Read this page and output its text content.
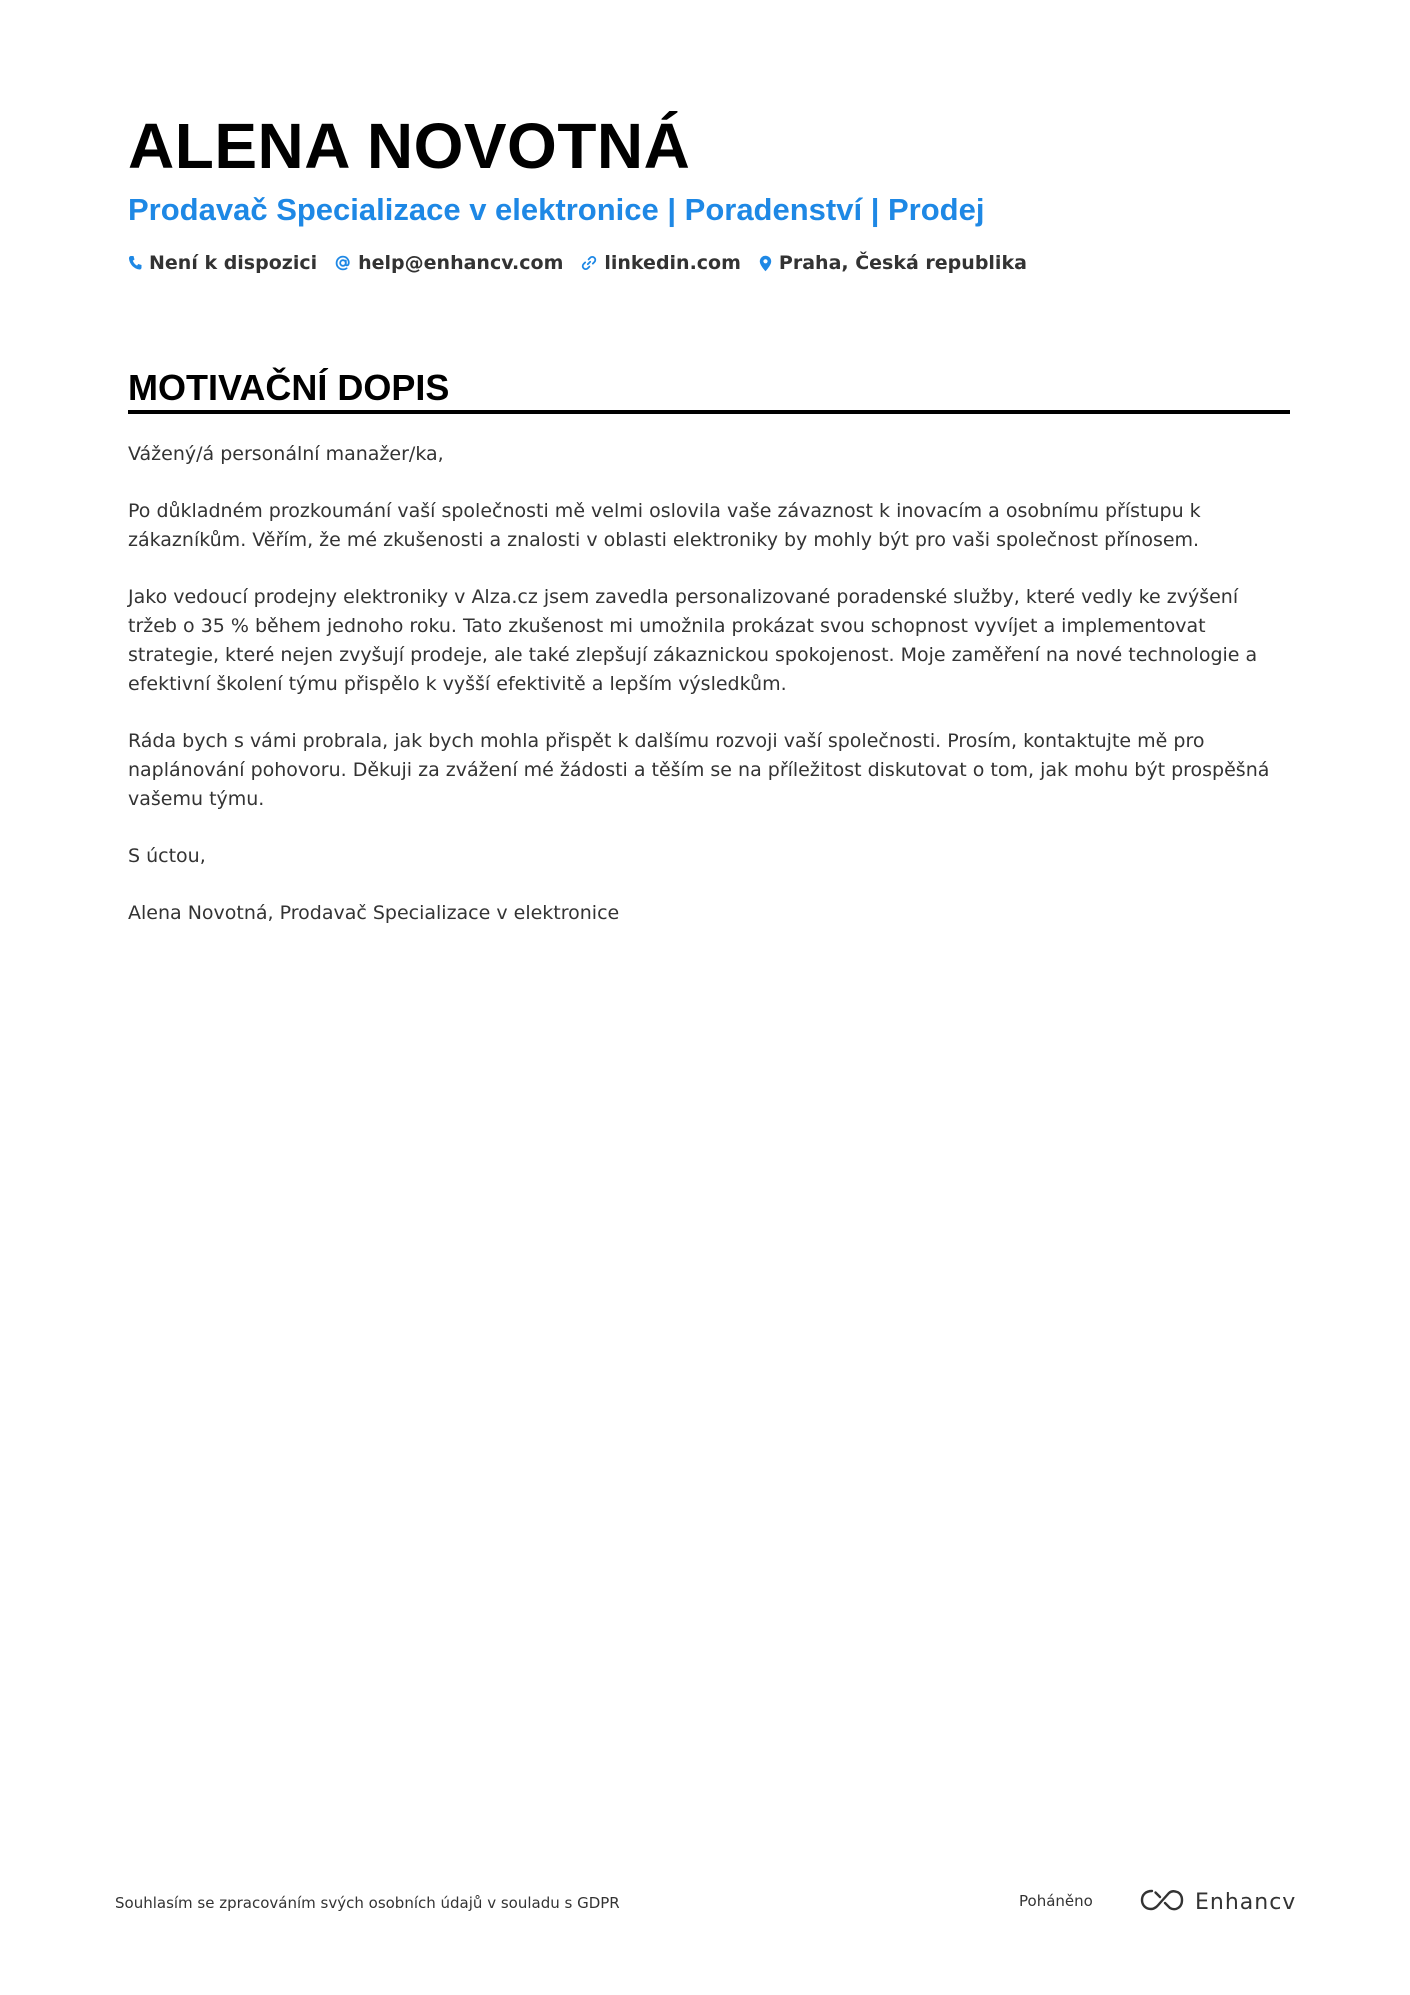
ALENA NOVOTNÁ
Prodavač Specializace v elektronice | Poradenství | Prodej
Není k dispozici help@enhancv.com linkedin.com Praha, Česká republika
MOTIVAČNÍ DOPIS

Vážený/á personální manažer/ka,

Po důkladném prozkoumání vaší společnosti mě velmi oslovila vaše závaznost k inovacím a osobnímu přístupu k zákazníkům. Věřím, že mé zkušenosti a znalosti v oblasti elektroniky by mohly být pro vaši společnost přínosem.

Jako vedoucí prodejny elektroniky v Alza.cz jsem zavedla personalizované poradenské služby, které vedly ke zvýšení tržeb o 35 % během jednoho roku. Tato zkušenost mi umožnila prokázat svou schopnost vyvíjet a implementovat strategie, které nejen zvyšují prodeje, ale také zlepšují zákaznickou spokojenost. Moje zaměření na nové technologie a efektivní školení týmu přispělo k vyšší efektivitě a lepším výsledkům.

Ráda bych s vámi probrala, jak bych mohla přispět k dalšímu rozvoji vaší společnosti. Prosím, kontaktujte mě pro naplánování pohovoru. Děkuji za zvážení mé žádosti a těším se na příležitost diskutovat o tom, jak mohu být prospěšná vašemu týmu.

S úctou,

Alena Novotná, Prodavač Specializace v elektronice

Souhlasím se zpracováním svých osobních údajů v souladu s GDPR	Poháněno	Enhancv
